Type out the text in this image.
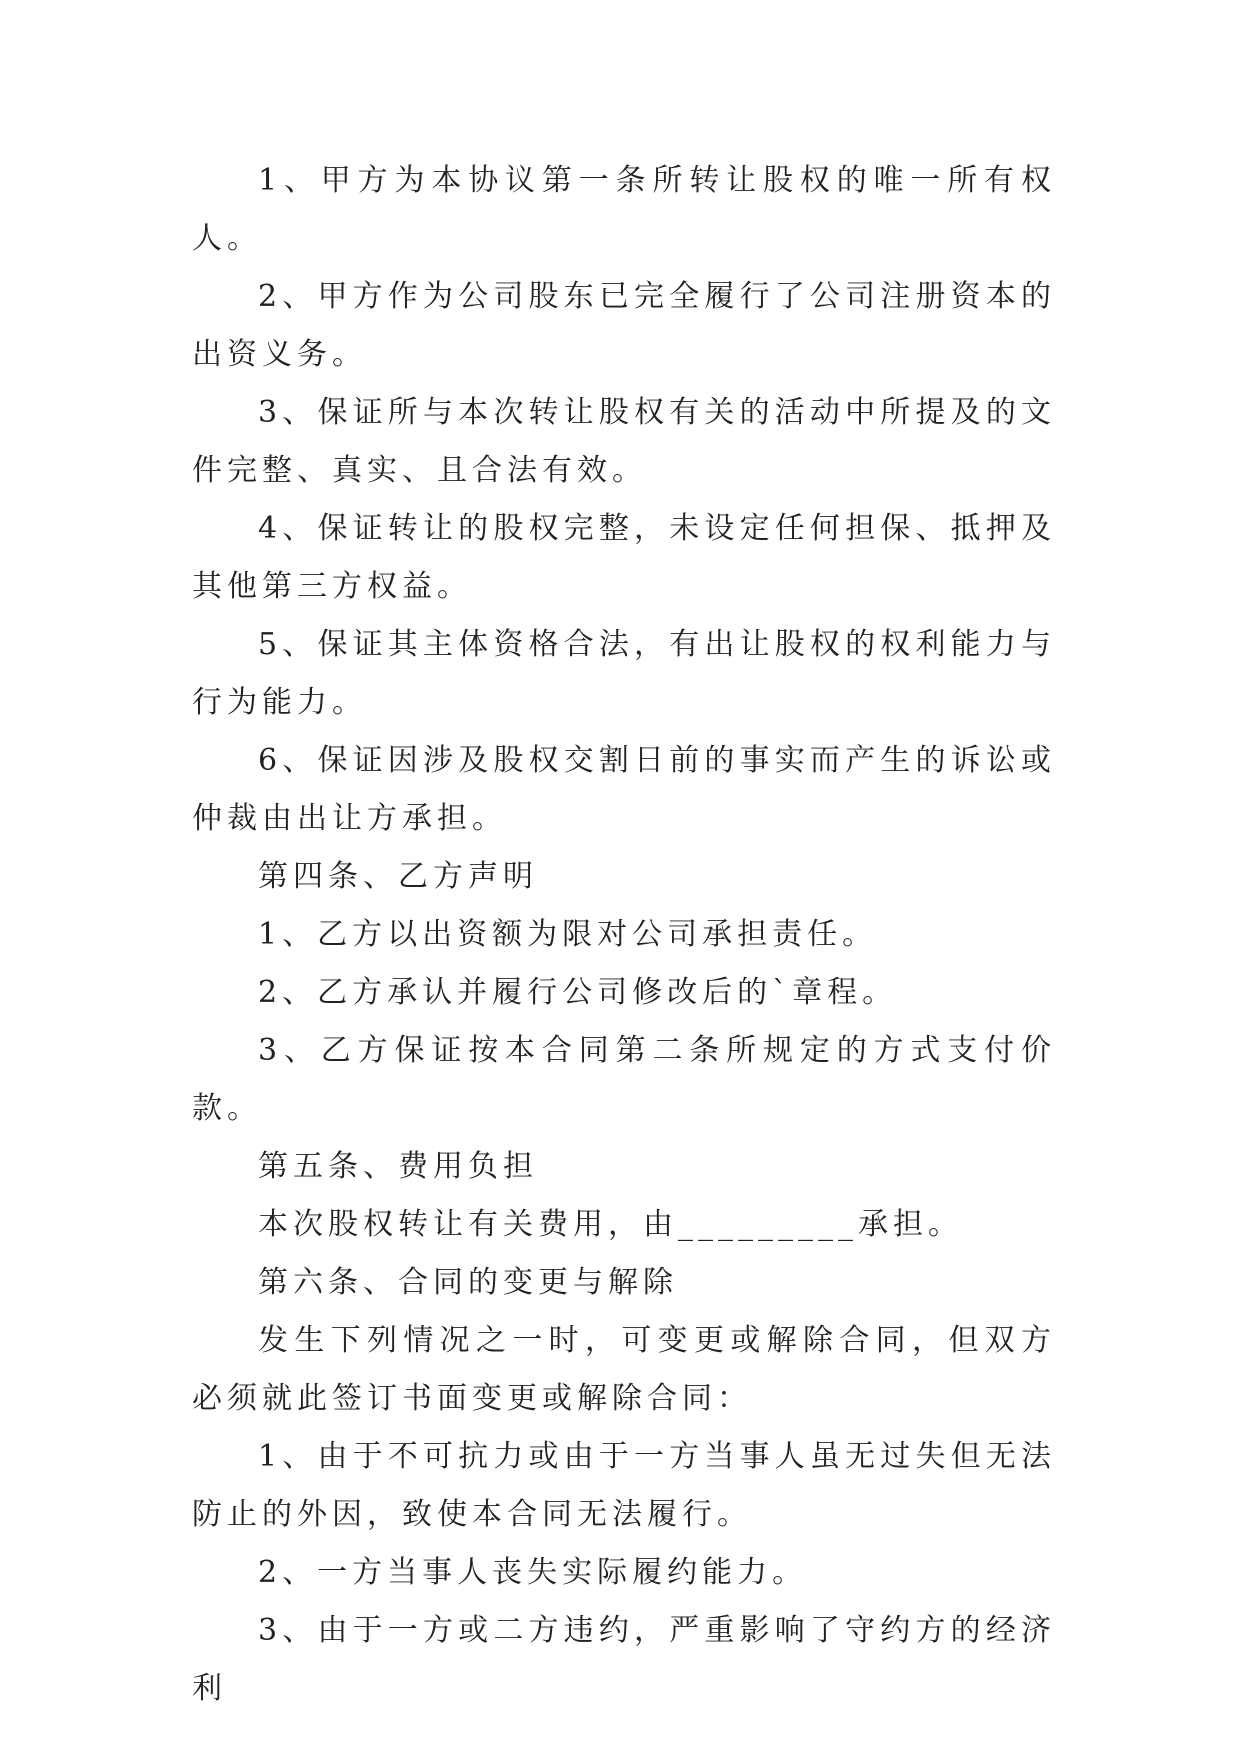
1、甲方为本协议第一条所转让股权的唯一所有权人。

2、甲方作为公司股东已完全履行了公司注册资本的出资义务。

3、保证所与本次转让股权有关的活动中所提及的文件完整、真实、且合法有效。

4、保证转让的股权完整，未设定任何担保、抵押及其他第三方权益。

5、保证其主体资格合法，有出让股权的权利能力与行为能力。

6、保证因涉及股权交割日前的事实而产生的诉讼或仲裁由出让方承担。

第四条、乙方声明

1、乙方以出资额为限对公司承担责任。

2、乙方承认并履行公司修改后的`章程。

3、乙方保证按本合同第二条所规定的方式支付价款。

第五条、费用负担

本次股权转让有关费用，由_________承担。

第六条、合同的变更与解除

发生下列情况之一时，可变更或解除合同，但双方必须就此签订书面变更或解除合同：

1、由于不可抗力或由于一方当事人虽无过失但无法防止的外因，致使本合同无法履行。

2、一方当事人丧失实际履约能力。

3、由于一方或二方违约，严重影响了守约方的经济利
